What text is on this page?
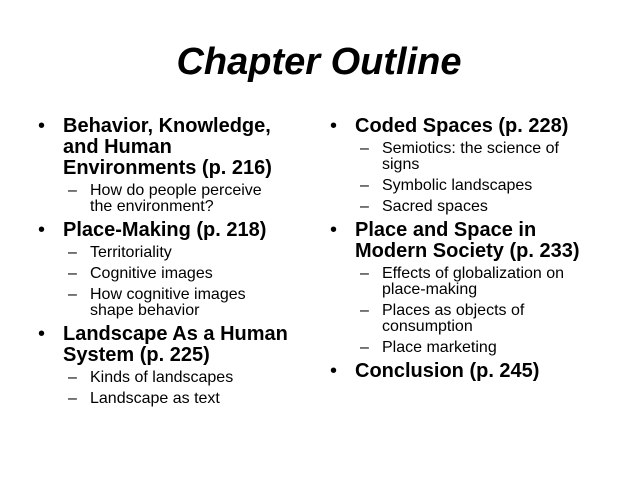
Chapter Outline
• Behavior, Knowledge,
and Human
Environments (p. 216)
– How do people perceive
the environment?
• Place-Making (p. 218)
– Territoriality
– Cognitive images
– How cognitive images
shape behavior
• Landscape As a Human
System (p. 225)
– Kinds of landscapes
– Landscape as text
• Coded Spaces (p. 228)
– Semiotics: the science of
signs
– Symbolic landscapes
– Sacred spaces
• Place and Space in
Modern Society (p. 233)
– Effects of globalization on
place-making
– Places as objects of
consumption
– Place marketing
• Conclusion (p. 245)
